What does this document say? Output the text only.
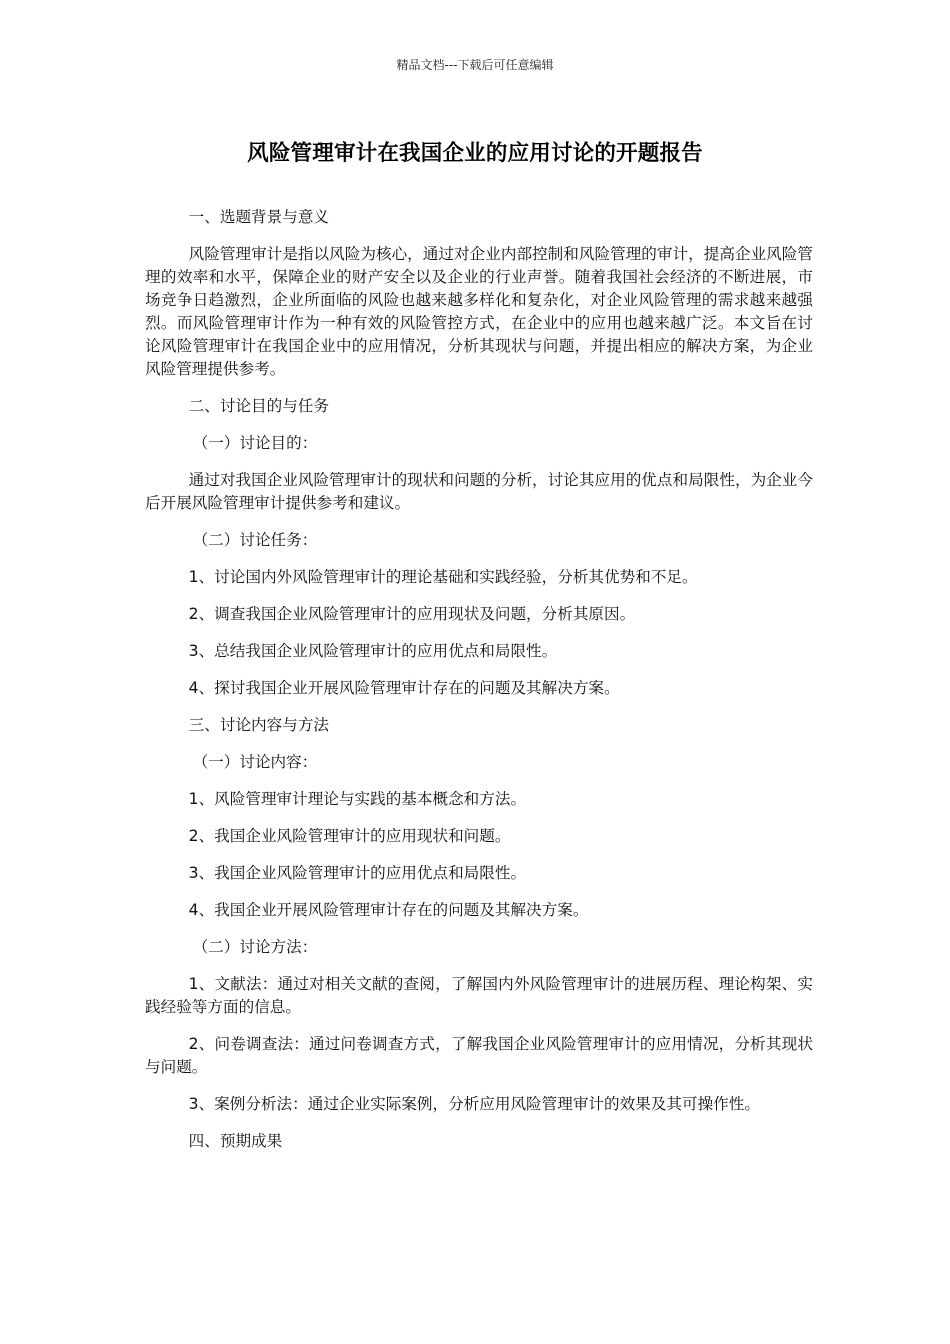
精品文档---下载后可任意编辑
风险管理审计在我国企业的应用讨论的开题报告

一、选题背景与意义

风险管理审计是指以风险为核心，通过对企业内部控制和风险管理的审计，提高企业风险管理的效率和水平，保障企业的财产安全以及企业的行业声誉。随着我国社会经济的不断进展，市场竞争日趋激烈，企业所面临的风险也越来越多样化和复杂化，对企业风险管理的需求越来越强烈。而风险管理审计作为一种有效的风险管控方式，在企业中的应用也越来越广泛。本文旨在讨论风险管理审计在我国企业中的应用情况，分析其现状与问题，并提出相应的解决方案，为企业风险管理提供参考。

二、讨论目的与任务

（一）讨论目的：

通过对我国企业风险管理审计的现状和问题的分析，讨论其应用的优点和局限性，为企业今后开展风险管理审计提供参考和建议。

（二）讨论任务：

1、讨论国内外风险管理审计的理论基础和实践经验，分析其优势和不足。

2、调查我国企业风险管理审计的应用现状及问题，分析其原因。

3、总结我国企业风险管理审计的应用优点和局限性。

4、探讨我国企业开展风险管理审计存在的问题及其解决方案。

三、讨论内容与方法

（一）讨论内容：

1、风险管理审计理论与实践的基本概念和方法。

2、我国企业风险管理审计的应用现状和问题。

3、我国企业风险管理审计的应用优点和局限性。

4、我国企业开展风险管理审计存在的问题及其解决方案。

（二）讨论方法：

1、文献法：通过对相关文献的查阅，了解国内外风险管理审计的进展历程、理论构架、实践经验等方面的信息。

2、问卷调查法：通过问卷调查方式，了解我国企业风险管理审计的应用情况，分析其现状与问题。

3、案例分析法：通过企业实际案例，分析应用风险管理审计的效果及其可操作性。

四、预期成果
